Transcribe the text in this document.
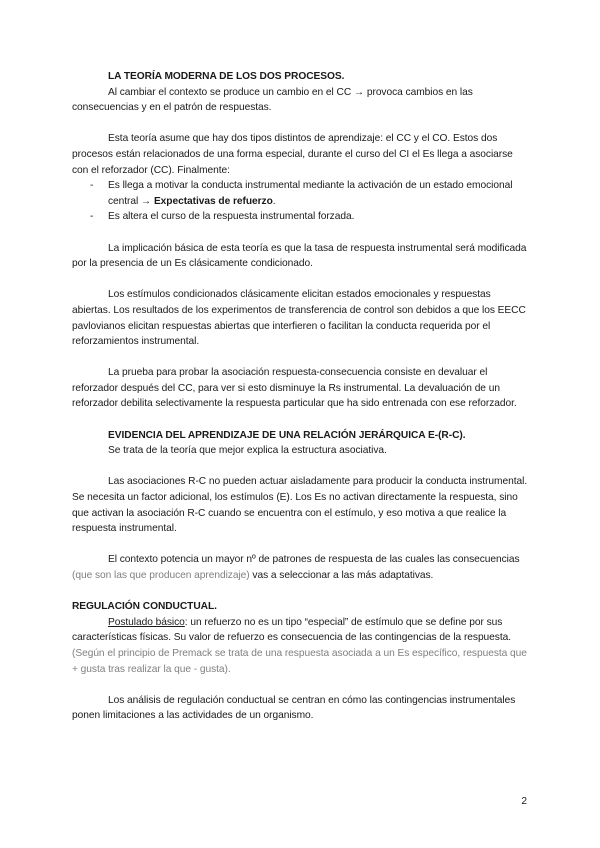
LA TEORÍA MODERNA DE LOS DOS PROCESOS.

Al cambiar el contexto se produce un cambio en el CC → provoca cambios en las consecuencias y en el patrón de respuestas.

Esta teoría asume que hay dos tipos distintos de aprendizaje: el CC y el CO. Estos dos procesos están relacionados de una forma especial, durante el curso del CI el Es llega a asociarse con el reforzador (CC). Finalmente:

- Es llega a motivar la conducta instrumental mediante la activación de un estado emocional central → Expectativas de refuerzo.
- Es altera el curso de la respuesta instrumental forzada.

La implicación básica de esta teoría es que la tasa de respuesta instrumental será modificada por la presencia de un Es clásicamente condicionado.

Los estímulos condicionados clásicamente elicitan estados emocionales y respuestas abiertas. Los resultados de los experimentos de transferencia de control son debidos a que los EECC pavlovianos elicitan respuestas abiertas que interfieren o facilitan la conducta requerida por el reforzamientos instrumental.

La prueba para probar la asociación respuesta-consecuencia consiste en devaluar el reforzador después del CC, para ver si esto disminuye la Rs instrumental. La devaluación de un reforzador debilita selectivamente la respuesta particular que ha sido entrenada con ese reforzador.

EVIDENCIA DEL APRENDIZAJE DE UNA RELACIÓN JERÁRQUICA E-(R-C).

Se trata de la teoría que mejor explica la estructura asociativa.

Las asociaciones R-C no pueden actuar aisladamente para producir la conducta instrumental. Se necesita un factor adicional, los estímulos (E). Los Es no activan directamente la respuesta, sino que activan la asociación R-C cuando se encuentra con el estímulo, y eso motiva a que realice la respuesta instrumental.

El contexto potencia un mayor nº de patrones de respuesta de las cuales las consecuencias (que son las que producen aprendizaje) vas a seleccionar a las más adaptativas.

REGULACIÓN CONDUCTUAL.

Postulado básico: un refuerzo no es un tipo “especial” de estímulo que se define por sus características físicas. Su valor de refuerzo es consecuencia de las contingencias de la respuesta. (Según el principio de Premack se trata de una respuesta asociada a un Es específico, respuesta que + gusta tras realizar la que - gusta).

Los análisis de regulación conductual se centran en cómo las contingencias instrumentales ponen limitaciones a las actividades de un organismo.

2
